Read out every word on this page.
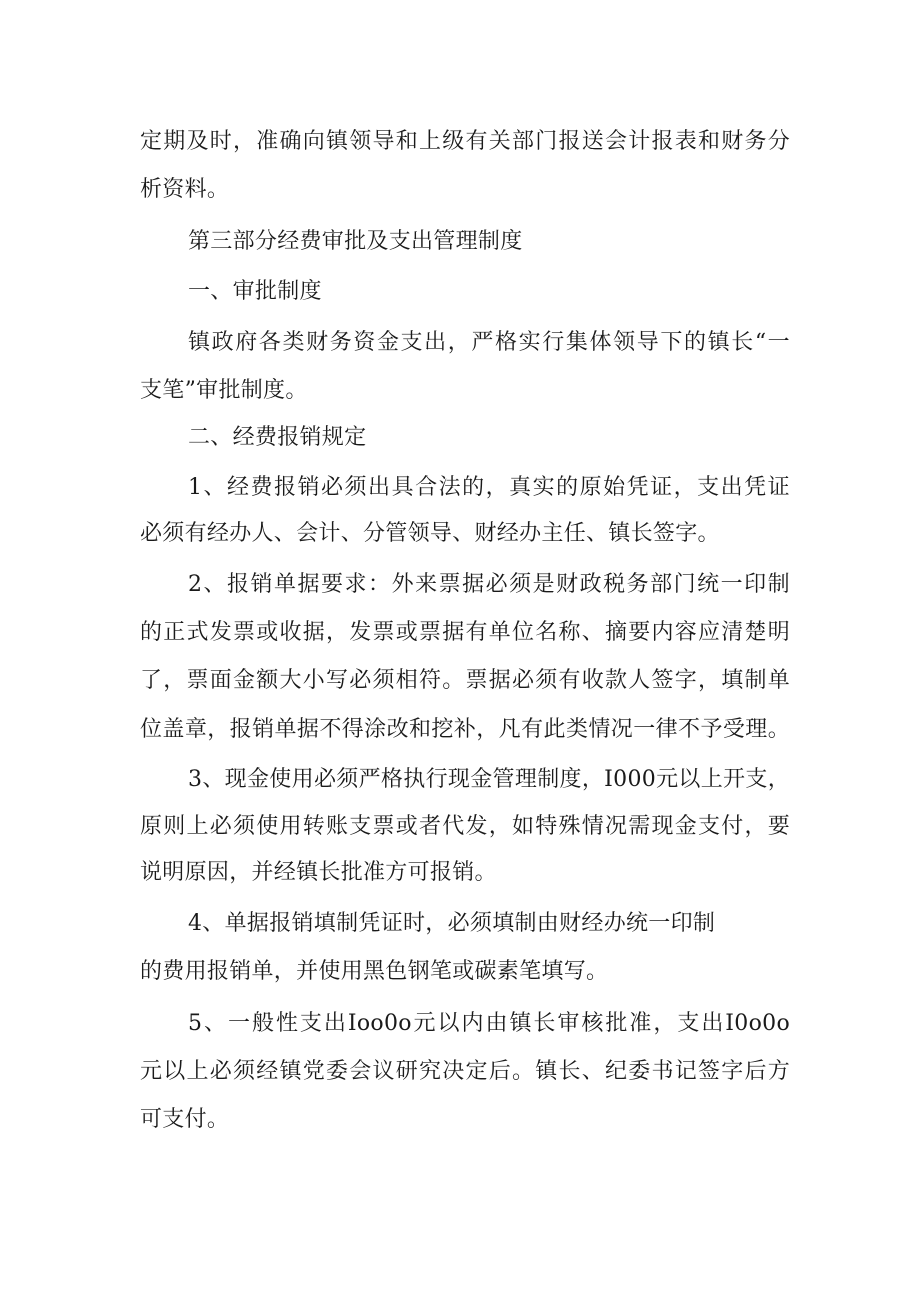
定期及时，准确向镇领导和上级有关部门报送会计报表和财务分
析资料。
第三部分经费审批及支出管理制度
一、审批制度
镇政府各类财务资金支出，严格实行集体领导下的镇长“一
支笔”审批制度。
二、经费报销规定
1、经费报销必须出具合法的，真实的原始凭证，支出凭证
必须有经办人、会计、分管领导、财经办主任、镇长签字。
2、报销单据要求：外来票据必须是财政税务部门统一印制
的正式发票或收据，发票或票据有单位名称、摘要内容应清楚明
了，票面金额大小写必须相符。票据必须有收款人签字，填制单
位盖章，报销单据不得涂改和挖补，凡有此类情况一律不予受理。
3、现金使用必须严格执行现金管理制度，I000元以上开支，
原则上必须使用转账支票或者代发，如特殊情况需现金支付，要
说明原因，并经镇长批准方可报销。
4、单据报销填制凭证时，必须填制由财经办统一印制
的费用报销单，并使用黑色钢笔或碳素笔填写。
5、一般性支出Ioo0o元以内由镇长审核批准，支出I0o0o
元以上必须经镇党委会议研究决定后。镇长、纪委书记签字后方
可支付。
